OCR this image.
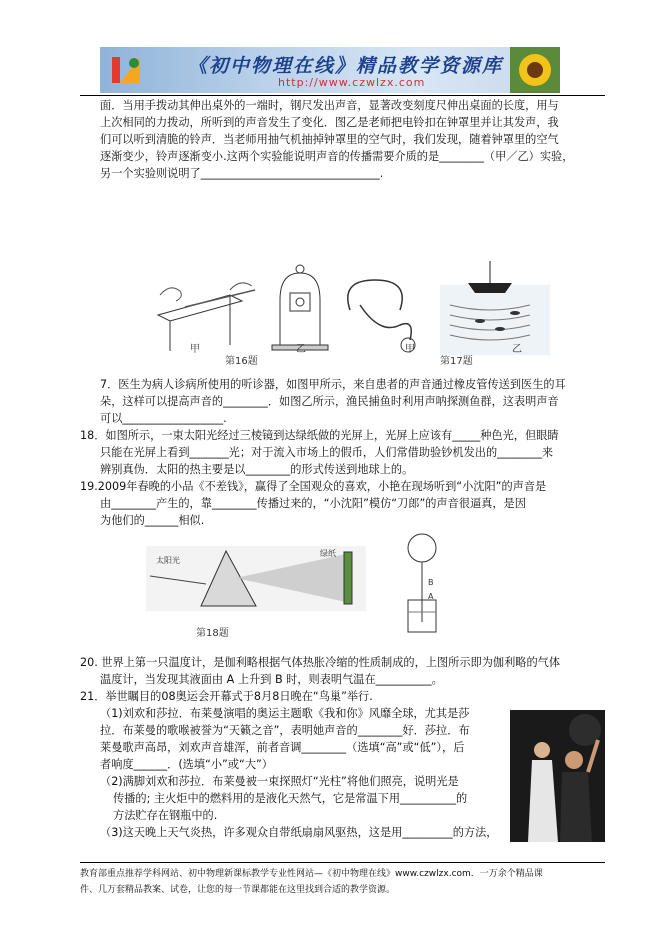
《初中物理在线》精品教学资源库
http://www.czwlzx.com
面．当用手拨动其伸出桌外的一端时，钢尺发出声音，显著改变刻度尺伸出桌面的长度，用与
上次相同的力拨动，所听到的声音发生了变化．图乙是老师把电铃扣在钟罩里并让其发声，我
们可以听到清脆的铃声．当老师用抽气机抽掉钟罩里的空气时，我们发现，随着钟罩里的空气
逐渐变少，铃声逐渐变小.这两个实验能说明声音的传播需要介质的是________（甲／乙）实验，
另一个实验则说明了________________________________.
甲	乙	甲	乙
第16题	第17题
7．医生为病人诊病所使用的听诊器，如图甲所示，来自患者的声音通过橡皮管传送到医生的耳
朵，这样可以提高声音的________．如图乙所示，渔民捕鱼时利用声呐探测鱼群，这表明声音
可以__________________.
18．如图所示，一束太阳光经过三棱镜到达绿纸做的光屏上，光屏上应该有_____种色光，但眼睛
只能在光屏上看到_______光；对于流入市场上的假币，人们常借助验钞机发出的________来
辨别真伪．太阳的热主要是以________的形式传送到地球上的。
19.2009年春晚的小品《不差钱》，赢得了全国观众的喜欢，小艳在现场听到“小沈阳”的声音是
由________产生的，靠________传播过来的，“小沈阳”模仿“刀郎”的声音很逼真，是因
为他们的______相似.
太阳光
绿纸
第18题
B
A
20. 世界上第一只温度计，是伽利略根据气体热胀冷缩的性质制成的，上图所示即为伽利略的气体
温度计，当发现其液面由 A 上升到 B 时，则表明气温在__________。
21．举世瞩目的08奥运会开幕式于8月8日晚在“鸟巢”举行.
（1)刘欢和莎拉．布莱曼演唱的奥运主题歌《我和你》风靡全球，尤其是莎
拉．布莱曼的歌喉被誉为“天籁之音”，表明她声音的________好．莎拉．布
莱曼歌声高昂，刘欢声音雄浑，前者音调________（选填“高”或“低”），后
者响度______．(选填“小”或“大”）
（2)满脚刘欢和莎拉．布莱曼被一束探照灯“光柱”将他们照亮，说明光是
传播的; 主火炬中的燃料用的是液化天然气，它是常温下用__________的
方法贮存在钢瓶中的.
（3)这天晚上天气炎热，许多观众自带纸扇扇风驱热，这是用_________的方法，
教育部重点推荐学科网站、初中物理新课标教学专业性网站—《初中物理在线》www.czwlzx.com．一万余个精品课
件、几万套精品教案、试卷，让您的每一节课都能在这里找到合适的教学资源。
